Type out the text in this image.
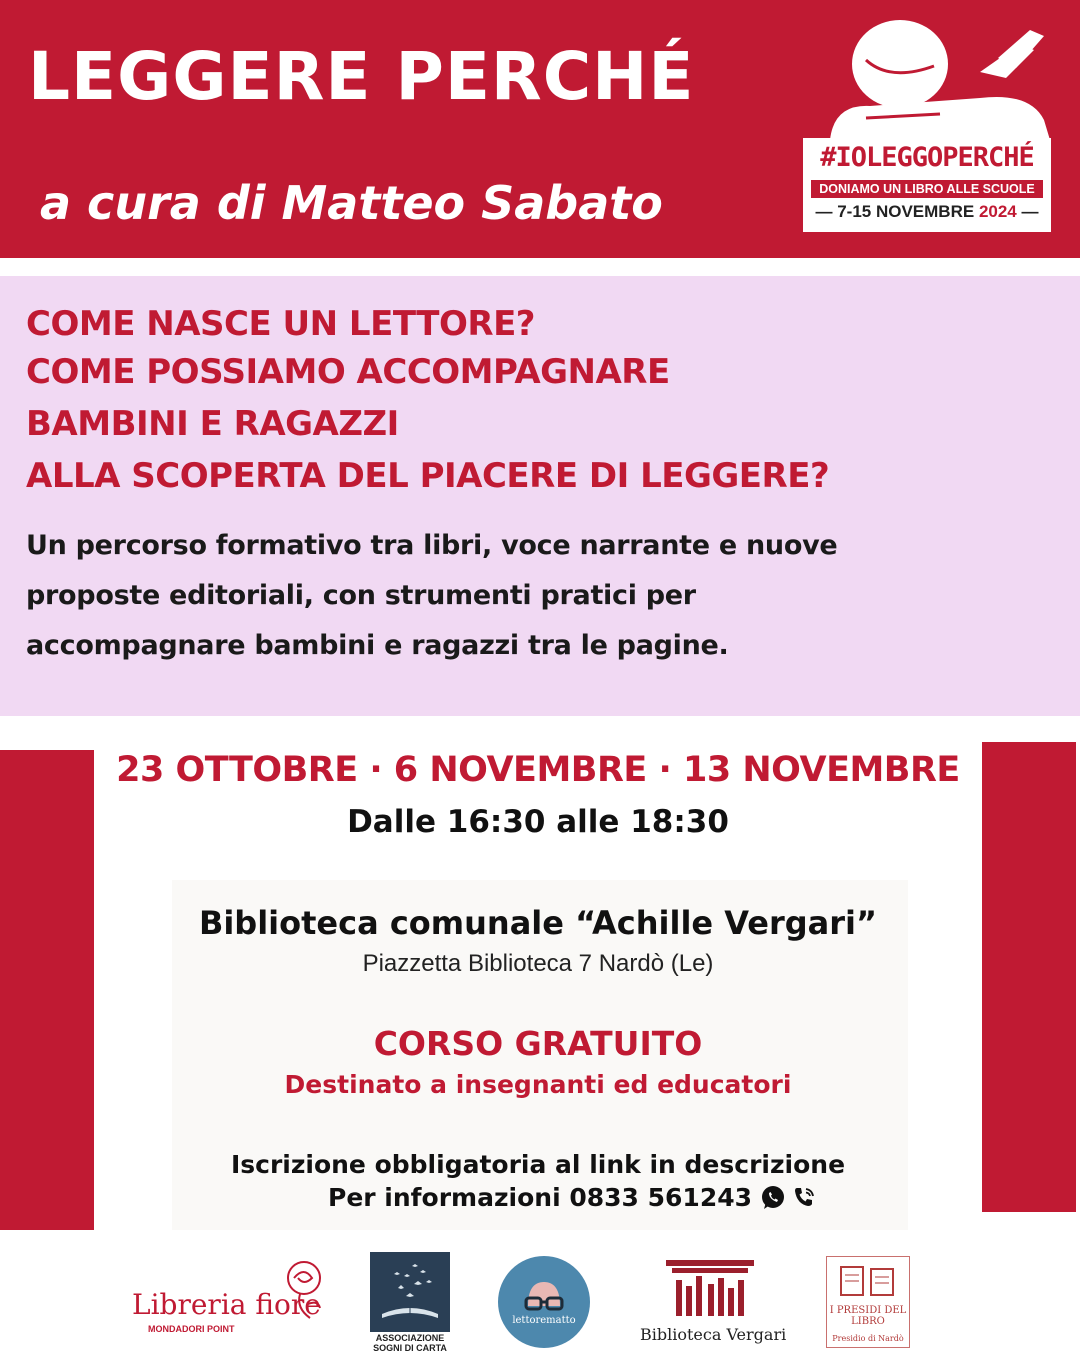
LEGGERE PERCHÉ
a cura di Matteo Sabato
#IOLEGGOPERCHÉ
DONIAMO UN LIBRO ALLE SCUOLE
— 7-15 NOVEMBRE 2024 —
COME NASCE UN LETTORE?
COME POSSIAMO ACCOMPAGNARE
BAMBINI E RAGAZZI
ALLA SCOPERTA DEL PIACERE DI LEGGERE?
Un percorso formativo tra libri, voce narrante e nuove
proposte editoriali, con strumenti pratici per
accompagnare bambini e ragazzi tra le pagine.
23 OTTOBRE · 6 NOVEMBRE · 13 NOVEMBRE
Dalle 16:30 alle 18:30
Biblioteca comunale “Achille Vergari”
Piazzetta Biblioteca 7 Nardò (Le)
CORSO GRATUITO
Destinato a insegnanti ed educatori
Iscrizione obbligatoria al link in descrizione
Per informazioni 0833 561243
Libreria fiore
MONDADORI POINT
ASSOCIAZIONE SOGNI DI CARTA
lettorematto
Biblioteca Vergari
I PRESIDI DEL LIBRO
Presidio di Nardò
